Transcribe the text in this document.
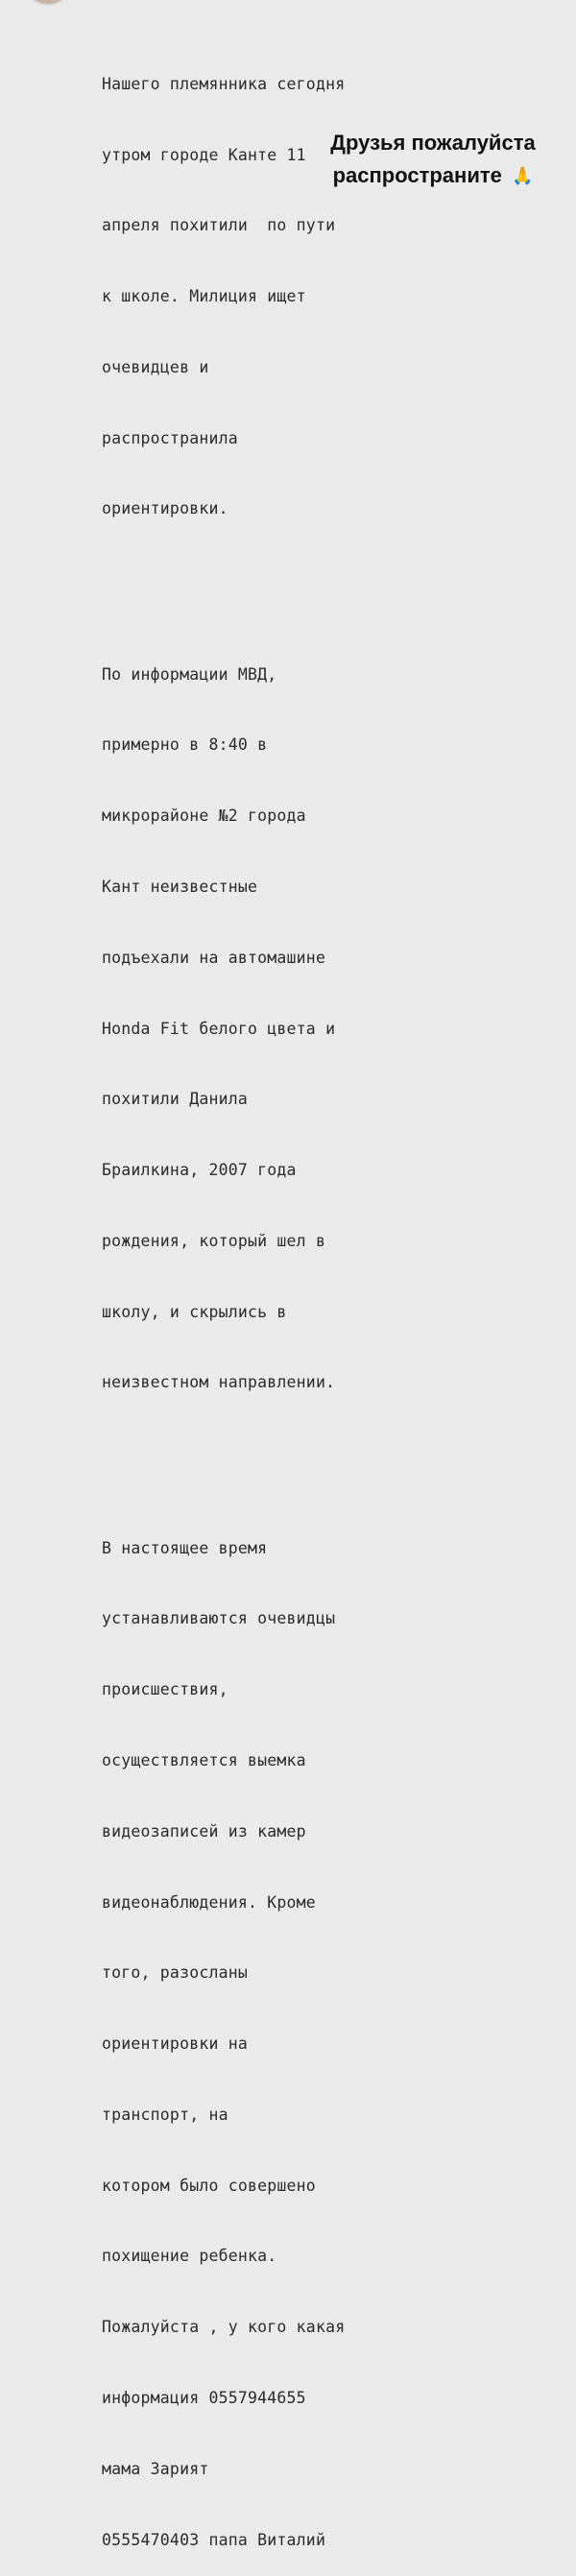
Нашего племянника сегодня

утром городе Канте 11

апреля похитили  по пути

к школе. Милиция ищет

очевидцев и

распространила

ориентировки.

По информации МВД,

примерно в 8:40 в

микрорайоне №2 города

Кант неизвестные

подъехали на автомашине

Honda Fit белого цвета и

похитили Данила

Браилкина, 2007 года

рождения, который шел в

школу, и скрылись в

неизвестном направлении.

В настоящее время

устанавливаются очевидцы

происшествия,

осуществляется выемка

видеозаписей из камер

видеонаблюдения. Кроме

того, разосланы

ориентировки на

транспорт, на

котором было совершено

похищение ребенка.

Пожалуйста , у кого какая

информация 0557944655

мама Зарият

0555470403 папа Виталий

Друзья пожалуйста
распространите 🙏
